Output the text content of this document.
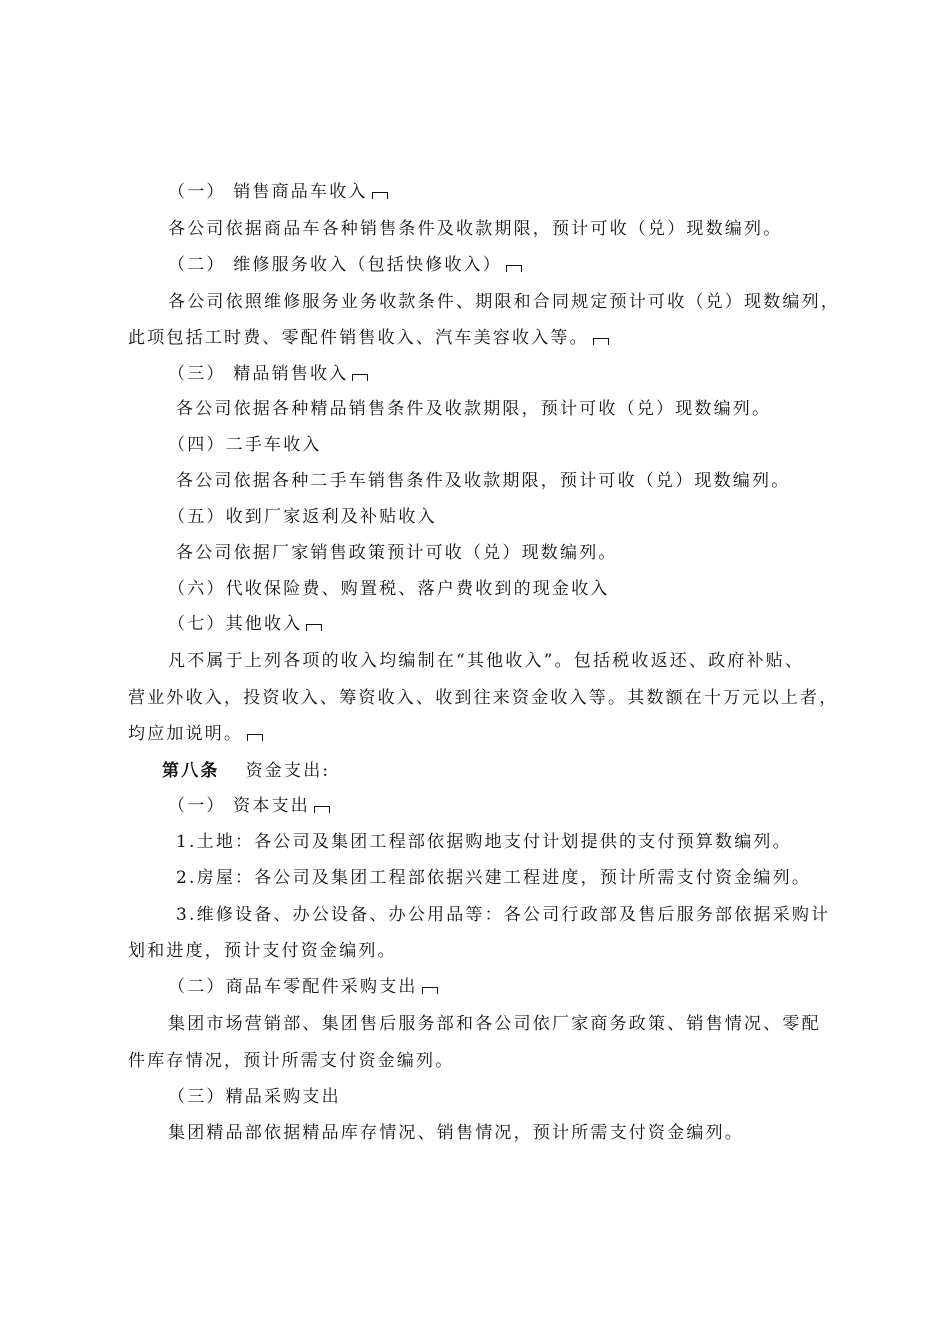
（一） 销售商品车收入
各公司依据商品车各种销售条件及收款期限，预计可收（兑）现数编列。
（二） 维修服务收入（包括快修收入）
各公司依照维修服务业务收款条件、期限和合同规定预计可收（兑）现数编列，
此项包括工时费、零配件销售收入、汽车美容收入等。
（三） 精品销售收入
各公司依据各种精品销售条件及收款期限，预计可收（兑）现数编列。
（四）二手车收入
各公司依据各种二手车销售条件及收款期限，预计可收（兑）现数编列。
（五）收到厂家返利及补贴收入
各公司依据厂家销售政策预计可收（兑）现数编列。
（六）代收保险费、购置税、落户费收到的现金收入
（七）其他收入
凡不属于上列各项的收入均编制在“其他收入”。包括税收返还、政府补贴、
营业外收入，投资收入、筹资收入、收到往来资金收入等。其数额在十万元以上者，
均应加说明。
第八条 资金支出:
（一） 资本支出
1.土地：各公司及集团工程部依据购地支付计划提供的支付预算数编列。
2.房屋：各公司及集团工程部依据兴建工程进度，预计所需支付资金编列。
3.维修设备、办公设备、办公用品等：各公司行政部及售后服务部依据采购计
划和进度，预计支付资金编列。
（二）商品车零配件采购支出
集团市场营销部、集团售后服务部和各公司依厂家商务政策、销售情况、零配
件库存情况，预计所需支付资金编列。
（三）精品采购支出
集团精品部依据精品库存情况、销售情况，预计所需支付资金编列。
